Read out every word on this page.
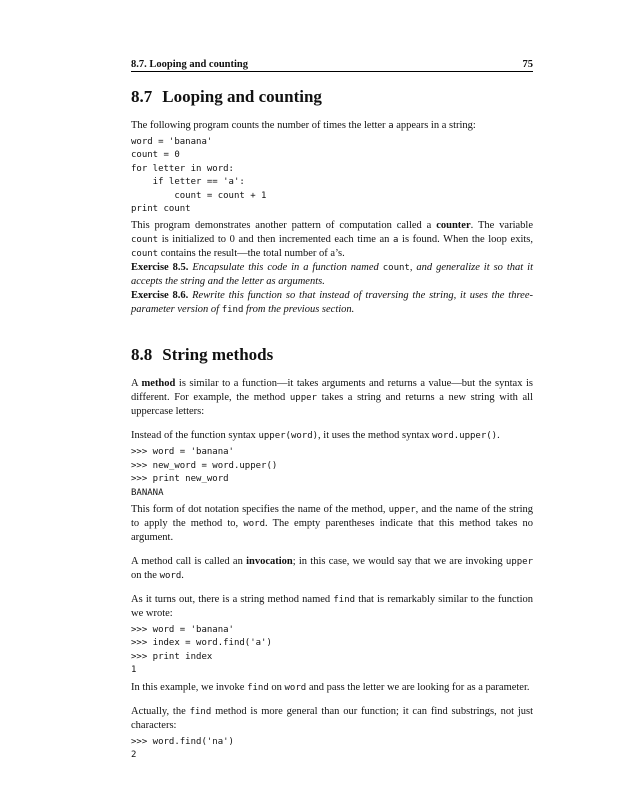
8.7. Looping and counting	75
8.7 Looping and counting

The following program counts the number of times the letter a appears in a string:

word = 'banana'
count = 0
for letter in word:
if letter == 'a':
count = count + 1
print count

This program demonstrates another pattern of computation called a counter. The variable count is initialized to 0 and then incremented each time an a is found. When the loop exits, count contains the result—the total number of a’s.

Exercise 8.5. Encapsulate this code in a function named count, and generalize it so that it accepts the string and the letter as arguments.

Exercise 8.6. Rewrite this function so that instead of traversing the string, it uses the three-parameter version of find from the previous section.

8.8 String methods

A method is similar to a function—it takes arguments and returns a value—but the syntax is different. For example, the method upper takes a string and returns a new string with all uppercase letters:

Instead of the function syntax upper(word), it uses the method syntax word.upper().

>>> word = 'banana'
>>> new_word = word.upper()
>>> print new_word
BANANA

This form of dot notation specifies the name of the method, upper, and the name of the string to apply the method to, word. The empty parentheses indicate that this method takes no argument.

A method call is called an invocation; in this case, we would say that we are invoking upper on the word.

As it turns out, there is a string method named find that is remarkably similar to the function we wrote:

>>> word = 'banana'
>>> index = word.find('a')
>>> print index
1

In this example, we invoke find on word and pass the letter we are looking for as a parameter.

Actually, the find method is more general than our function; it can find substrings, not just characters:

>>> word.find('na')
2
